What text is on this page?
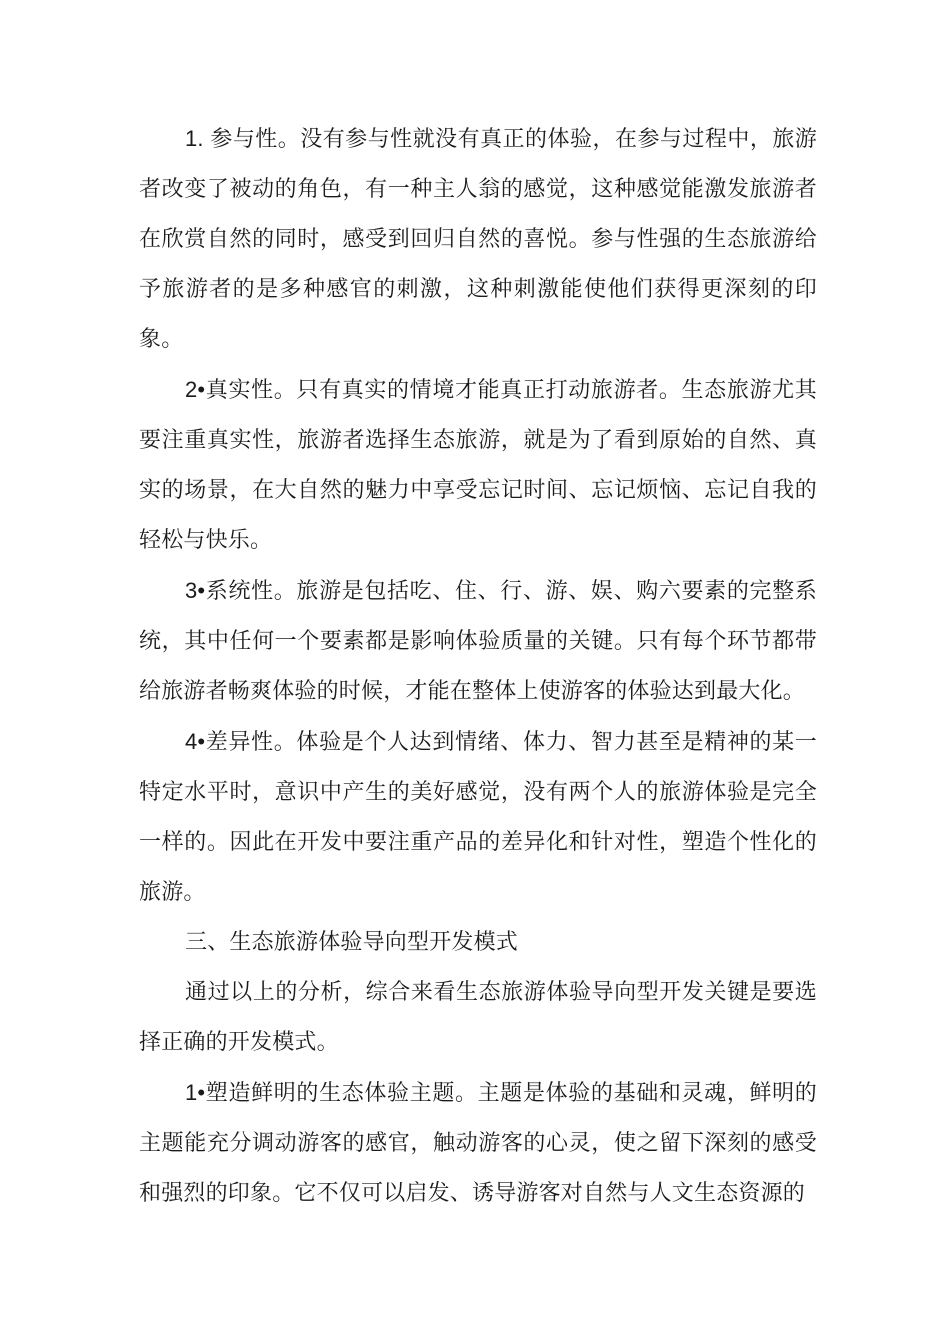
1. 参与性。没有参与性就没有真正的体验，在参与过程中，旅游者改变了被动的角色，有一种主人翁的感觉，这种感觉能激发旅游者在欣赏自然的同时，感受到回归自然的喜悦。参与性强的生态旅游给予旅游者的是多种感官的刺激，这种刺激能使他们获得更深刻的印象。

2•真实性。只有真实的情境才能真正打动旅游者。生态旅游尤其要注重真实性，旅游者选择生态旅游，就是为了看到原始的自然、真实的场景，在大自然的魅力中享受忘记时间、忘记烦恼、忘记自我的轻松与快乐。

3•系统性。旅游是包括吃、住、行、游、娱、购六要素的完整系统，其中任何一个要素都是影响体验质量的关键。只有每个环节都带给旅游者畅爽体验的时候，才能在整体上使游客的体验达到最大化。

4•差异性。体验是个人达到情绪、体力、智力甚至是精神的某一特定水平时，意识中产生的美好感觉，没有两个人的旅游体验是完全一样的。因此在开发中要注重产品的差异化和针对性，塑造个性化的旅游。

三、生态旅游体验导向型开发模式

通过以上的分析，综合来看生态旅游体验导向型开发关键是要选择正确的开发模式。

1•塑造鲜明的生态体验主题。主题是体验的基础和灵魂，鲜明的主题能充分调动游客的感官，触动游客的心灵，使之留下深刻的感受和强烈的印象。它不仅可以启发、诱导游客对自然与人文生态资源的
